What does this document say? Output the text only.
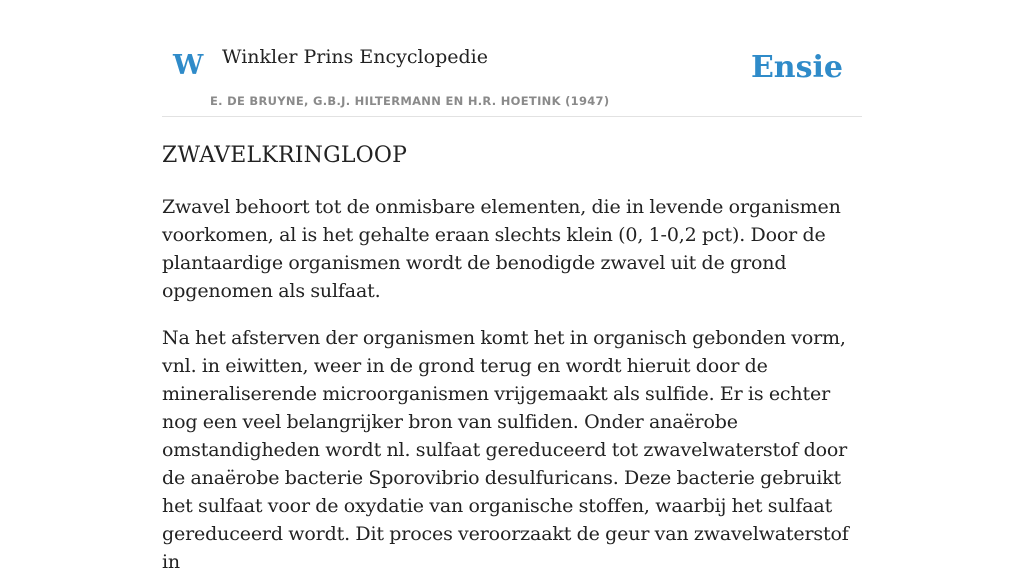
W Winkler Prins Encyclopedie
E. DE BRUYNE, G.B.J. HILTERMANN EN H.R. HOETINK (1947)
Ensie
ZWAVELKRINGLOOP

Zwavel behoort tot de onmisbare elementen, die in levende organismen voorkomen, al is het gehalte eraan slechts klein (0, 1-0,2 pct). Door de plantaardige organismen wordt de benodigde zwavel uit de grond opgenomen als sulfaat.

Na het afsterven der organismen komt het in organisch gebonden vorm, vnl. in eiwitten, weer in de grond terug en wordt hieruit door de mineraliserende microorganismen vrijgemaakt als sulfide. Er is echter nog een veel belangrijker bron van sulfiden. Onder anaërobe omstandigheden wordt nl. sulfaat gereduceerd tot zwavelwaterstof door de anaërobe bacterie Sporovibrio desulfuricans. Deze bacterie gebruikt het sulfaat voor de oxydatie van organische stoffen, waarbij het sulfaat gereduceerd wordt. Dit proces veroorzaakt de geur van zwavelwaterstof in
